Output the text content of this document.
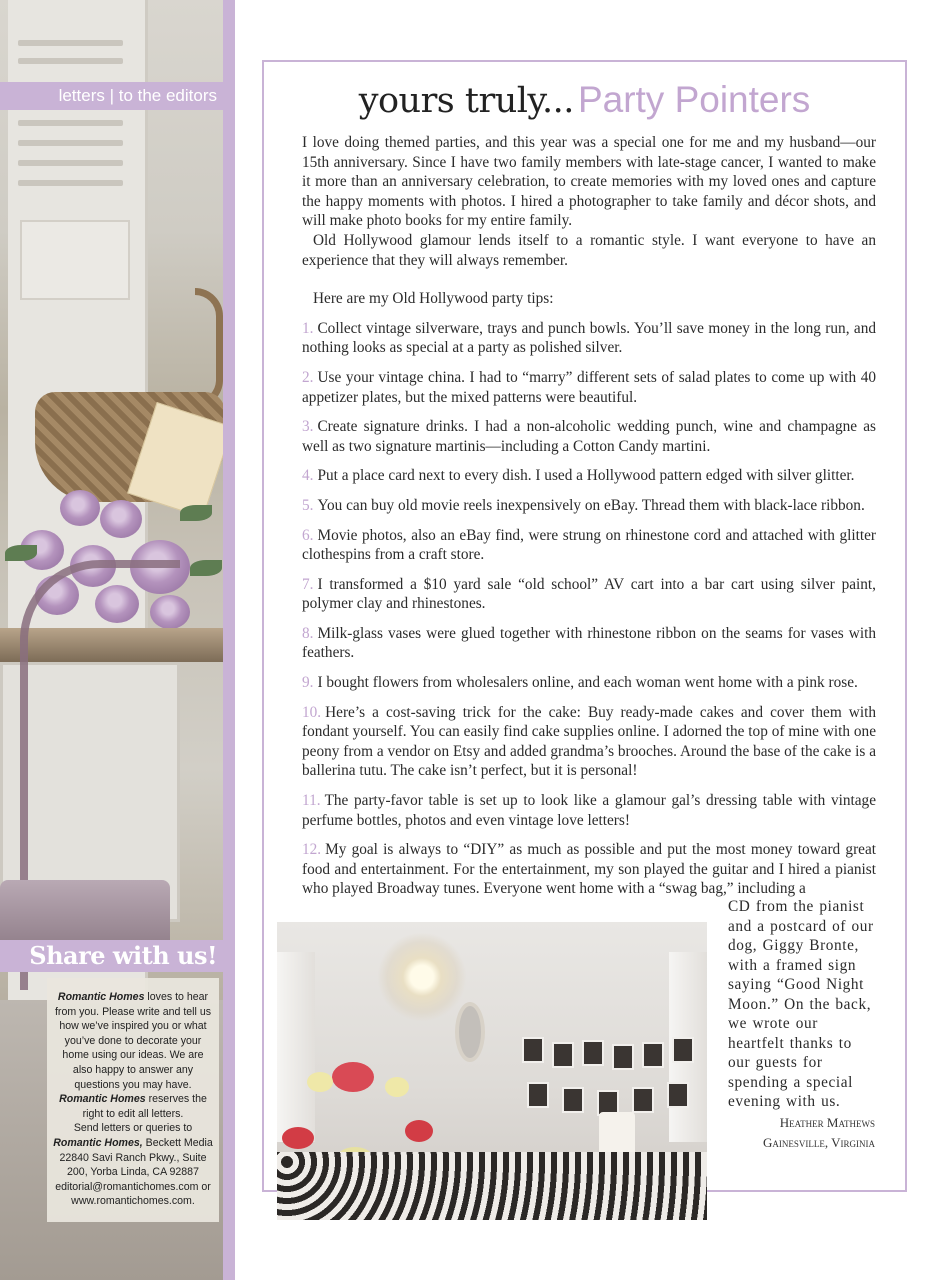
letters | to the editors
Share with us!

Romantic Homes loves to hear from you. Please write and tell us how we’ve inspired you or what you’ve done to decorate your home using our ideas. We are also happy to answer any questions you may have.

Romantic Homes reserves the right to edit all letters.

Send letters or queries to Romantic Homes, Beckett Media 22840 Savi Ranch Pkwy., Suite 200, Yorba Linda, CA 92887 editorial@romantichomes.com or www.romantichomes.com.

yours truly... Party Pointers

I love doing themed parties, and this year was a special one for me and my husband—our 15th anniversary. Since I have two family members with late-stage cancer, I wanted to make it more than an anniversary celebration, to create memories with my loved ones and capture the happy moments with photos. I hired a photographer to take family and décor shots, and will make photo books for my entire family.

Old Hollywood glamour lends itself to a romantic style. I want everyone to have an experience that they will always remember.

Here are my Old Hollywood party tips:

1. Collect vintage silverware, trays and punch bowls. You’ll save money in the long run, and nothing looks as special at a party as polished silver.

2. Use your vintage china. I had to “marry” different sets of salad plates to come up with 40 appetizer plates, but the mixed patterns were beautiful.

3. Create signature drinks. I had a non-alcoholic wedding punch, wine and champagne as well as two signature martinis—including a Cotton Candy martini.

4. Put a place card next to every dish. I used a Hollywood pattern edged with silver glitter.

5. You can buy old movie reels inexpensively on eBay. Thread them with black-lace ribbon.

6. Movie photos, also an eBay find, were strung on rhinestone cord and attached with glitter clothespins from a craft store.

7. I transformed a $10 yard sale “old school” AV cart into a bar cart using silver paint, polymer clay and rhinestones.

8. Milk-glass vases were glued together with rhinestone ribbon on the seams for vases with feathers.

9. I bought flowers from wholesalers online, and each woman went home with a pink rose.

10. Here’s a cost-saving trick for the cake: Buy ready-made cakes and cover them with fondant yourself. You can easily find cake supplies online. I adorned the top of mine with one peony from a vendor on Etsy and added grandma’s brooches. Around the base of the cake is a ballerina tutu. The cake isn’t perfect, but it is personal!

11. The party-favor table is set up to look like a glamour gal’s dressing table with vintage perfume bottles, photos and even vintage love letters!

12. My goal is always to “DIY” as much as possible and put the most money toward great food and entertainment. For the entertainment, my son played the guitar and I hired a pianist who played Broadway tunes. Everyone went home with a “swag bag,” including a

CD from the pianist and a postcard of our dog, Giggy Bronte, with a framed sign saying “Good Night Moon.” On the back, we wrote our heartfelt thanks to our guests for spending a special evening with us.
Heather Mathews
Gainesville, Virginia
